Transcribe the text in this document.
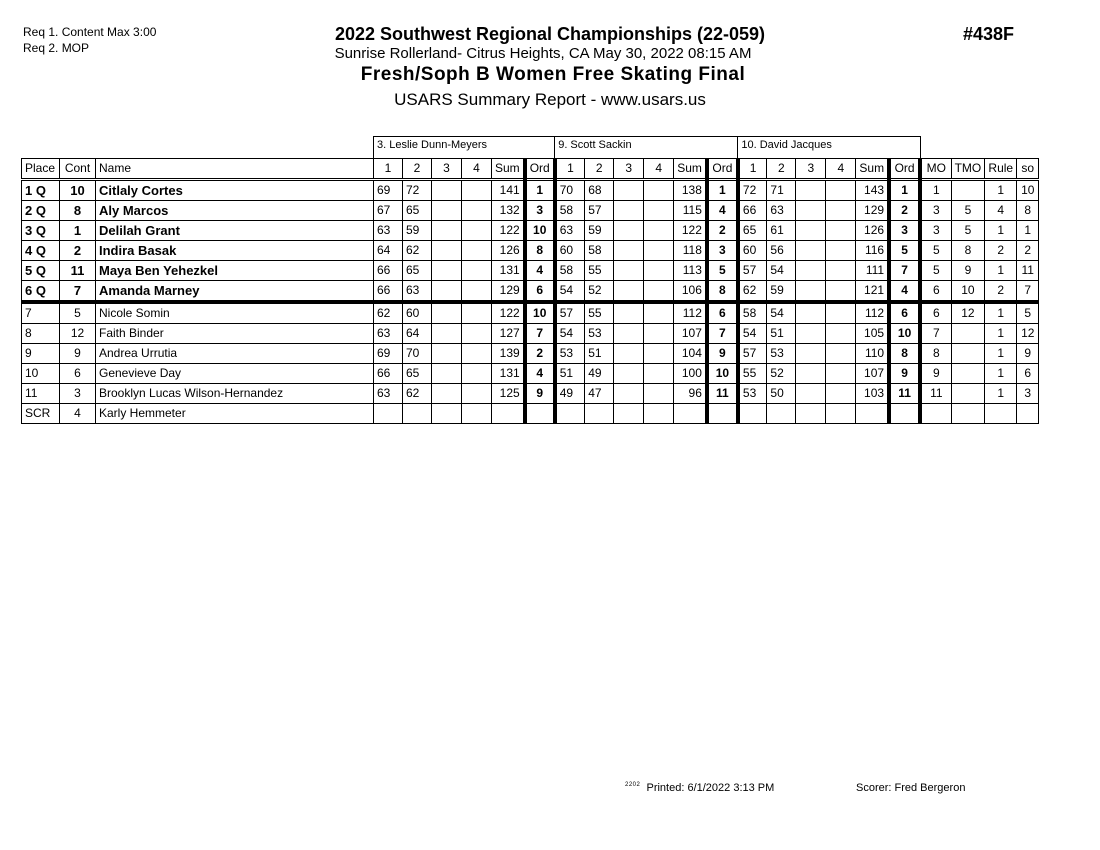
Req 1. Content Max 3:00
Req 2. MOP
2022 Southwest Regional Championships (22-059)
Sunrise Rollerland- Citrus Heights, CA May 30, 2022 08:15 AM
Fresh/Soph B Women Free Skating Final
USARS Summary Report - www.usars.us
#438F
			3. Leslie Dunn-Meyers						9. Scott Sackin						10. David Jacques									
Place	Cont	Name	1	2	3	4	Sum	Ord	1	2	3	4	Sum	Ord	1	2	3	4	Sum	Ord	MO	TMO	Rule	so
1 Q	10	Citlaly Cortes	69	72			141	1	70	68			138	1	72	71			143	1	1		1	10
2 Q	8	Aly Marcos	67	65			132	3	58	57			115	4	66	63			129	2	3	5	4	8
3 Q	1	Delilah Grant	63	59			122	10	63	59			122	2	65	61			126	3	3	5	1	1
4 Q	2	Indira Basak	64	62			126	8	60	58			118	3	60	56			116	5	5	8	2	2
5 Q	11	Maya Ben Yehezkel	66	65			131	4	58	55			113	5	57	54			111	7	5	9	1	11
6 Q	7	Amanda Marney	66	63			129	6	54	52			106	8	62	59			121	4	6	10	2	7
7	5	Nicole Somin	62	60			122	10	57	55			112	6	58	54			112	6	6	12	1	5
8	12	Faith Binder	63	64			127	7	54	53			107	7	54	51			105	10	7		1	12
9	9	Andrea Urrutia	69	70			139	2	53	51			104	9	57	53			110	8	8		1	9
10	6	Genevieve Day	66	65			131	4	51	49			100	10	55	52			107	9	9		1	6
11	3	Brooklyn Lucas Wilson-Hernandez	63	62			125	9	49	47			96	11	53	50			103	11	11		1	3
SCR	4	Karly Hemmeter																						
$^{2202}$ Printed: 6/1/2022 3:13 PM	Scorer: Fred Bergeron
